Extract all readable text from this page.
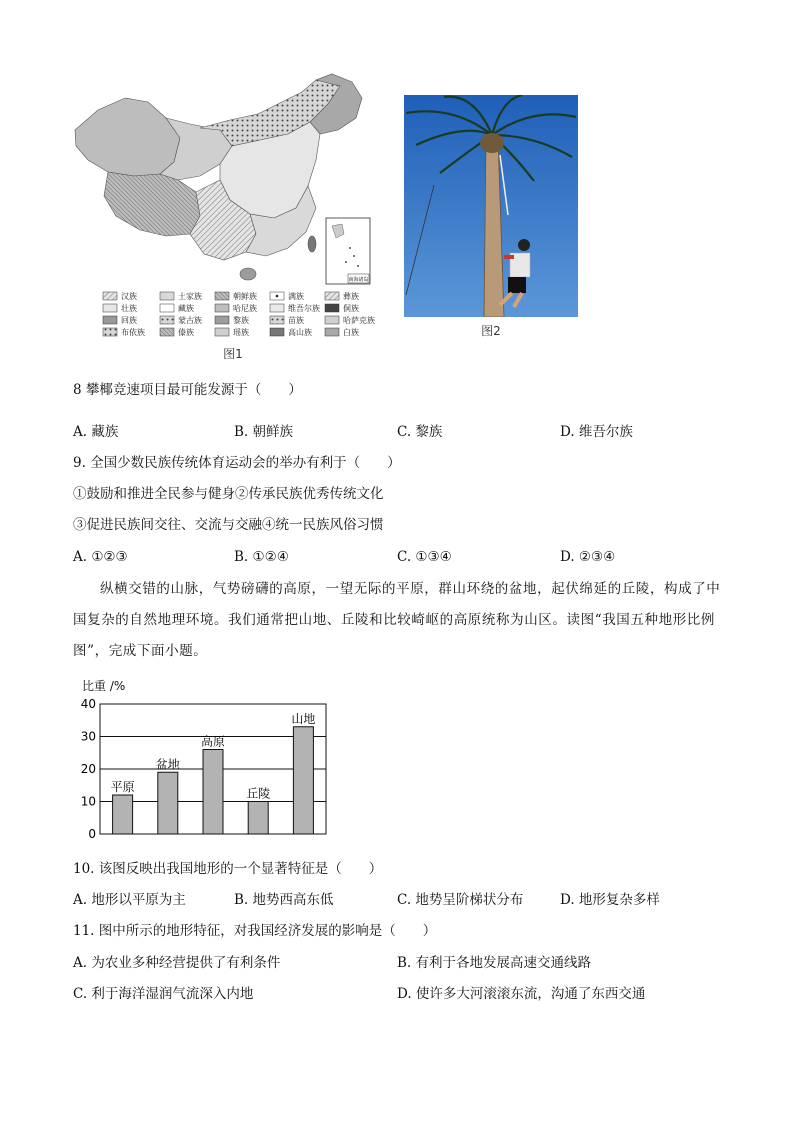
南海诸岛
汉族
壮族
回族
布依族
土家族
藏族
蒙古族
傣族
朝鲜族
哈尼族
黎族
瑶族
满族
维吾尔族
苗族
高山族
彝族
侗族
哈萨克族
白族
图1
图2
8 攀椰竞速项目最可能发源于（　　）
A. 藏族	B. 朝鲜族	C. 黎族	D. 维吾尔族
9. 全国少数民族传统体育运动会的举办有利于（　　）
①鼓励和推进全民参与健身②传承民族优秀传统文化
③促进民族间交往、交流与交融④统一民族风俗习惯
A. ①②③	B. ①②④	C. ①③④	D. ②③④
纵横交错的山脉，气势磅礴的高原，一望无际的平原，群山环绕的盆地，起伏绵延的丘陵，构成了中国复杂的自然地理环境。我们通常把山地、丘陵和比较崎岖的高原统称为山区。读图“我国五种地形比例图”，完成下面小题。
比重 /%
0
10
20
30
40
平原
盆地
高原
丘陵
山地
10. 该图反映出我国地形的一个显著特征是（　　）
A. 地形以平原为主	B. 地势西高东低	C. 地势呈阶梯状分布	D. 地形复杂多样
11. 图中所示的地形特征，对我国经济发展的影响是（　　）
A. 为农业多种经营提供了有利条件	B. 有利于各地发展高速交通线路
C. 利于海洋湿润气流深入内地	D. 使许多大河滚滚东流，沟通了东西交通
